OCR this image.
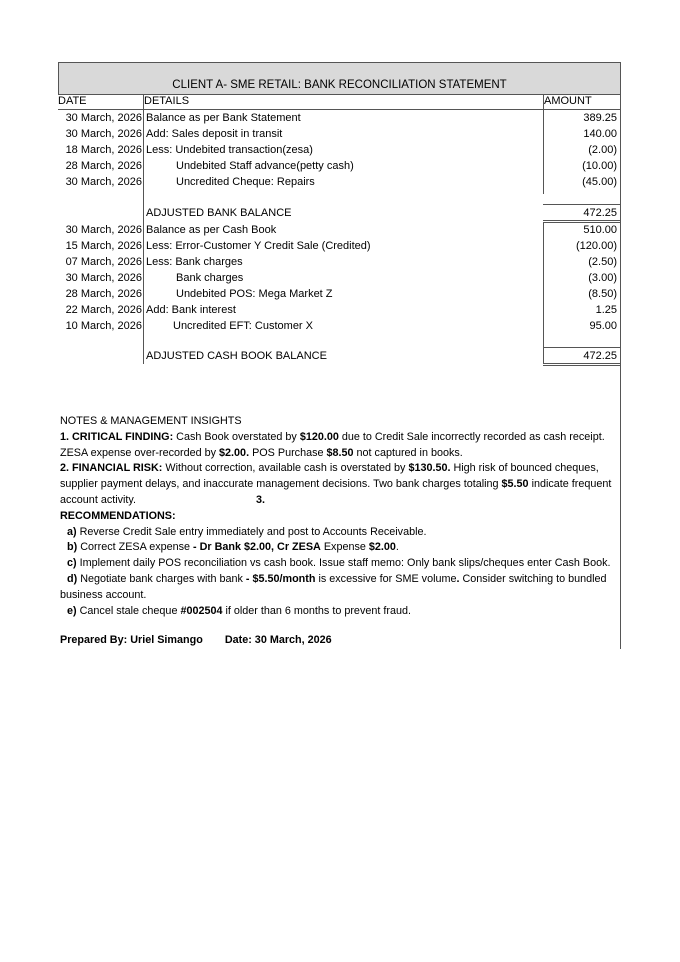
CLIENT A- SME RETAIL: BANK RECONCILIATION STATEMENT
DATE	DETAILS	AMOUNT
30 March, 2026 Balance as per Bank Statement	389.25
30 March, 2026 Add: Sales deposit in transit	140.00
18 March, 2026 Less: Undebited transaction(zesa)	(2.00)
28 March, 2026	Undebited Staff advance(petty cash)	(10.00)
30 March, 2026	Uncredited Cheque: Repairs	(45.00)
ADJUSTED BANK BALANCE	472.25
30 March, 2026 Balance as per Cash Book	510.00
15 March, 2026 Less: Error-Customer Y Credit Sale (Credited)	(120.00)
07 March, 2026 Less: Bank charges	(2.50)
30 March, 2026	Bank charges	(3.00)
28 March, 2026	Undebited POS: Mega Market Z	(8.50)
22 March, 2026 Add: Bank interest	1.25
10 March, 2026	Uncredited EFT: Customer X	95.00
ADJUSTED CASH BOOK BALANCE	472.25

NOTES & MANAGEMENT INSIGHTS

1. CRITICAL FINDING: Cash Book overstated by $120.00 due to Credit Sale incorrectly recorded as cash receipt. ZESA expense over-recorded by $2.00. POS Purchase $8.50 not captured in books.

2. FINANCIAL RISK: Without correction, available cash is overstated by $130.50. High risk of bounced cheques, supplier payment delays, and inaccurate management decisions. Two bank charges totaling $5.50 indicate frequent account activity.	3.

RECOMMENDATIONS:

a) Reverse Credit Sale entry immediately and post to Accounts Receivable.

b) Correct ZESA expense - Dr Bank $2.00, Cr ZESA Expense $2.00.

c) Implement daily POS reconciliation vs cash book. Issue staff memo: Only bank slips/cheques enter Cash Book.

d) Negotiate bank charges with bank - $5.50/month is excessive for SME volume. Consider switching to bundled business account.

e) Cancel stale cheque #002504 if older than 6 months to prevent fraud.

Prepared By: Uriel Simango Date: 30 March, 2026
